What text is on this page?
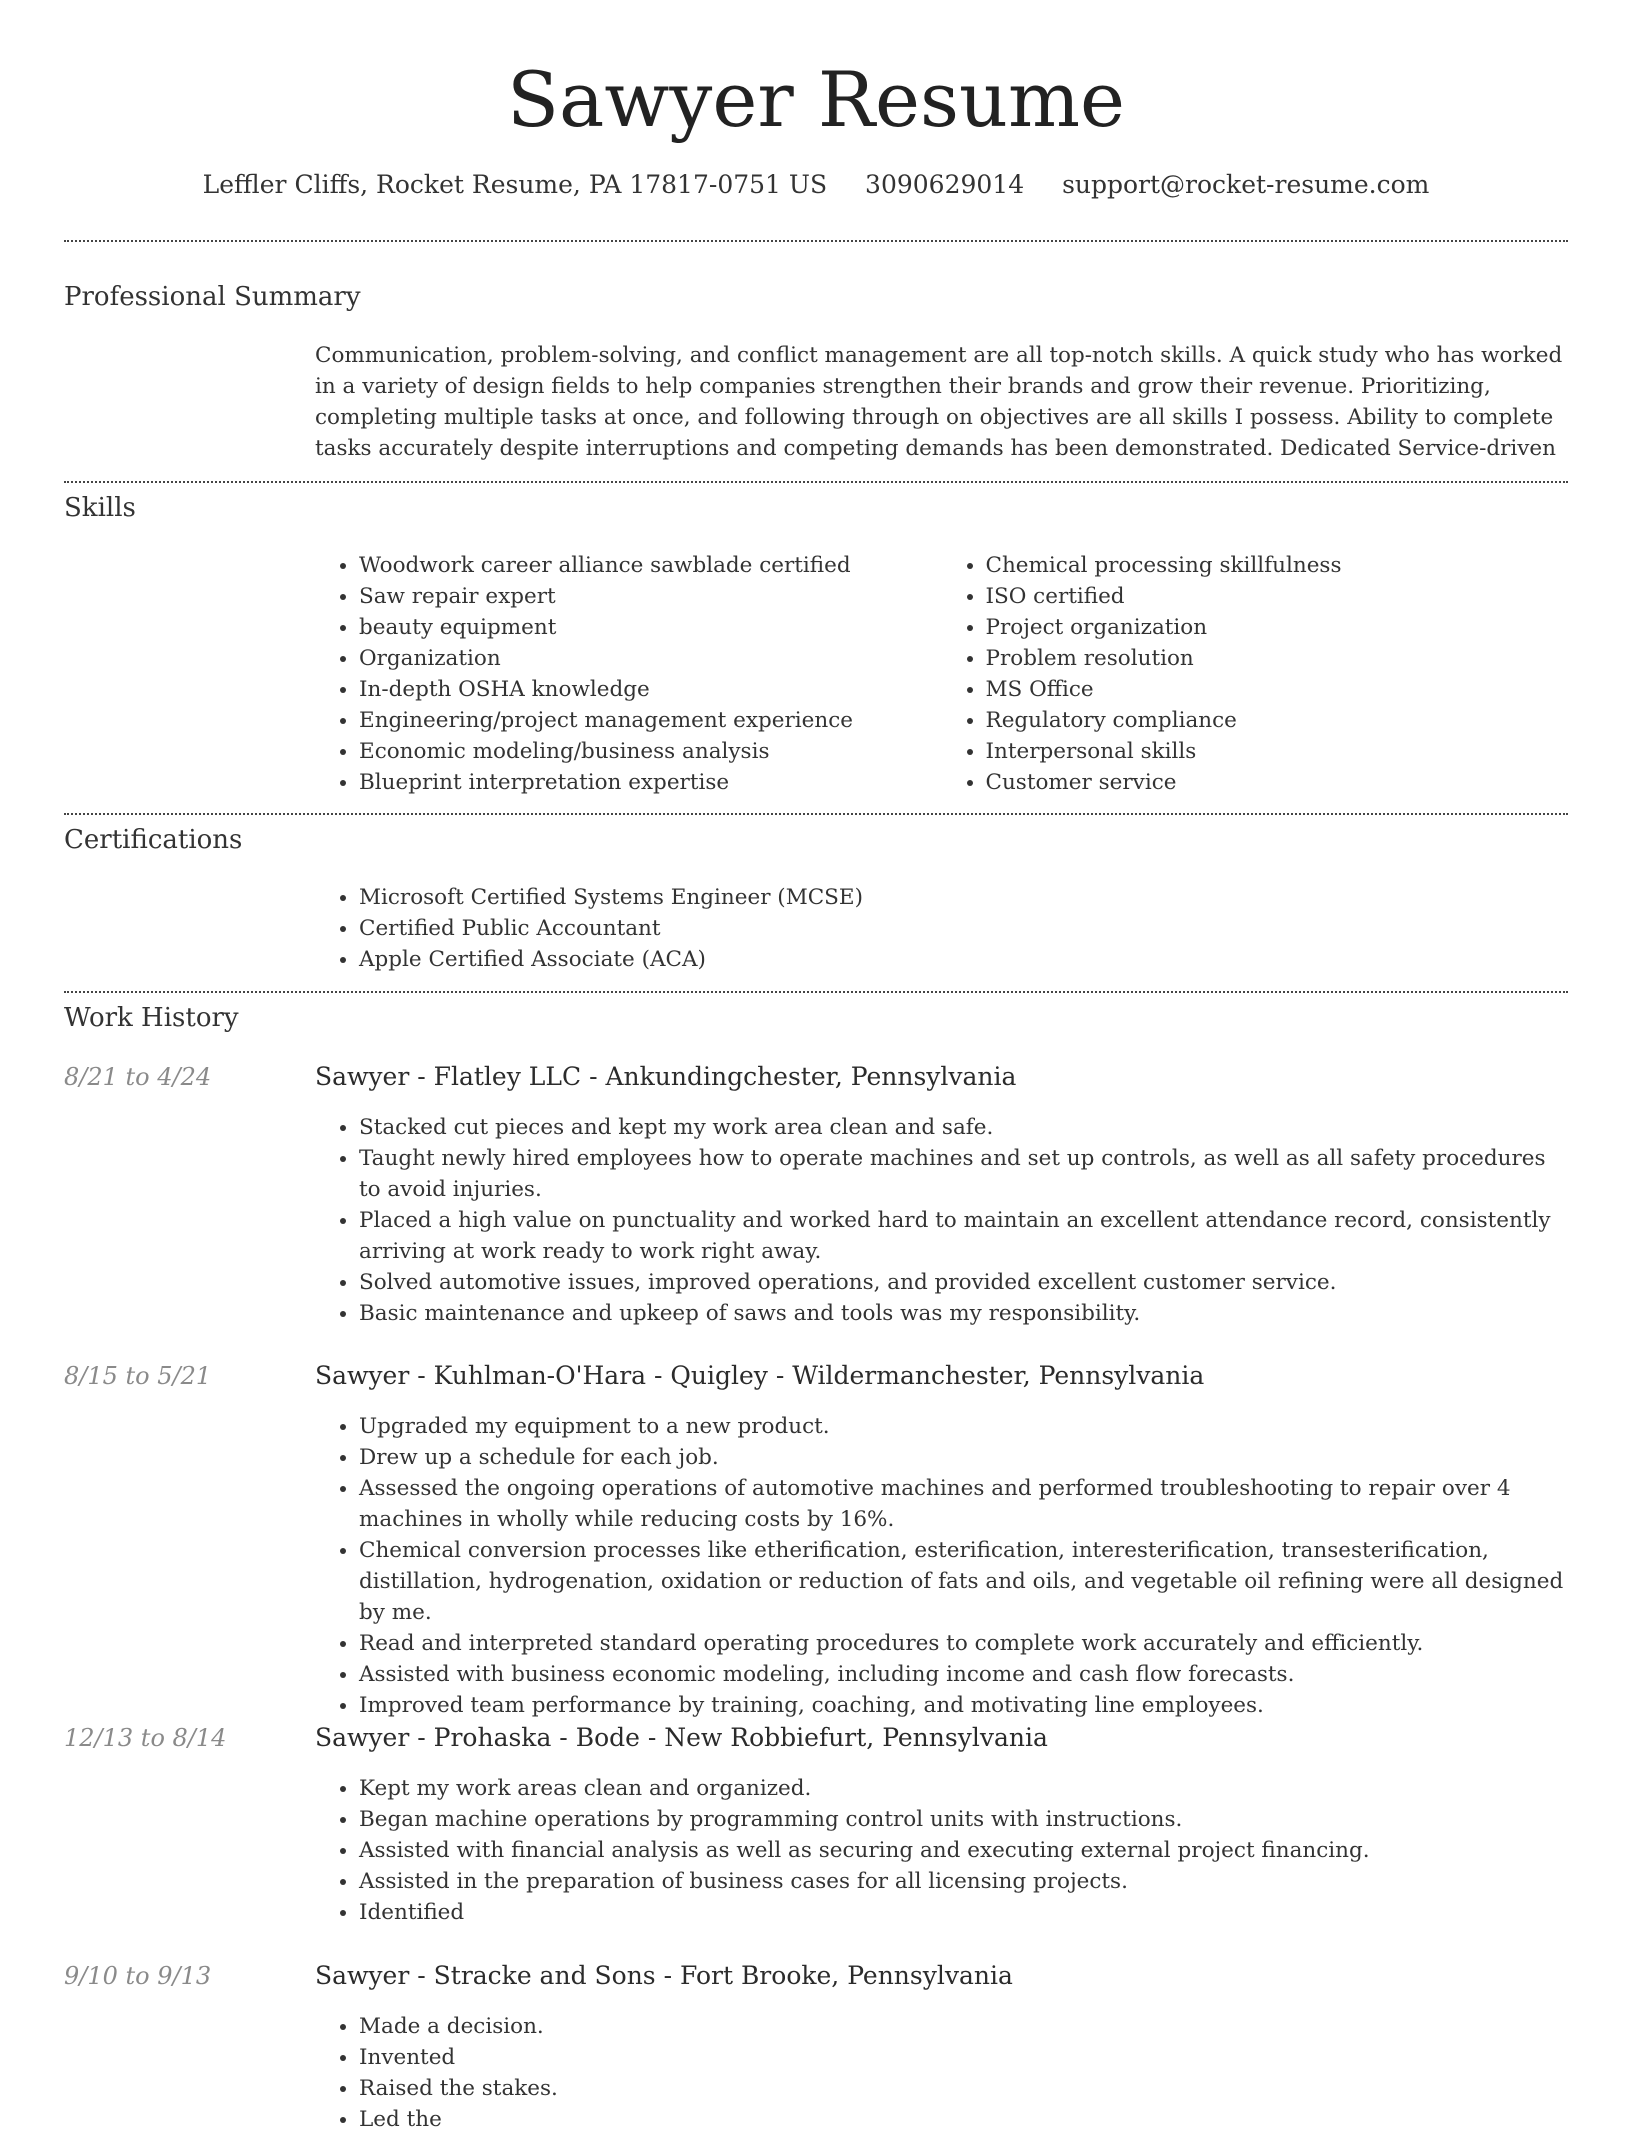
Sawyer Resume
Leffler Cliffs, Rocket Resume, PA 17817-0751 US 3090629014 support@rocket-resume.com
Professional Summary

Communication, problem-solving, and conflict management are all top-notch skills. A quick study who has worked in a variety of design fields to help companies strengthen their brands and grow their revenue. Prioritizing, completing multiple tasks at once, and following through on objectives are all skills I possess. Ability to complete tasks accurately despite interruptions and competing demands has been demonstrated. Dedicated Service-driven

Skills
• Woodwork career alliance sawblade certified
• Saw repair expert
• beauty equipment
• Organization
• In-depth OSHA knowledge
• Engineering/project management experience
• Economic modeling/business analysis
• Blueprint interpretation expertise
• Chemical processing skillfulness
• ISO certified
• Project organization
• Problem resolution
• MS Office
• Regulatory compliance
• Interpersonal skills
• Customer service
Certifications
• Microsoft Certified Systems Engineer (MCSE)
• Certified Public Accountant
• Apple Certified Associate (ACA)
Work History
8/21 to 4/24	Sawyer - Flatley LLC - Ankundingchester, Pennsylvania
• Stacked cut pieces and kept my work area clean and safe.
• Taught newly hired employees how to operate machines and set up controls, as well as all safety procedures to avoid injuries.
• Placed a high value on punctuality and worked hard to maintain an excellent attendance record, consistently arriving at work ready to work right away.
• Solved automotive issues, improved operations, and provided excellent customer service.
• Basic maintenance and upkeep of saws and tools was my responsibility.
8/15 to 5/21	Sawyer - Kuhlman-O'Hara - Quigley - Wildermanchester, Pennsylvania
• Upgraded my equipment to a new product.
• Drew up a schedule for each job.
• Assessed the ongoing operations of automotive machines and performed troubleshooting to repair over 4 machines in wholly while reducing costs by 16%.
• Chemical conversion processes like etherification, esterification, interesterification, transesterification, distillation, hydrogenation, oxidation or reduction of fats and oils, and vegetable oil refining were all designed by me.
• Read and interpreted standard operating procedures to complete work accurately and efficiently.
• Assisted with business economic modeling, including income and cash flow forecasts.
• Improved team performance by training, coaching, and motivating line employees.
12/13 to 8/14	Sawyer - Prohaska - Bode - New Robbiefurt, Pennsylvania
• Kept my work areas clean and organized.
• Began machine operations by programming control units with instructions.
• Assisted with financial analysis as well as securing and executing external project financing.
• Assisted in the preparation of business cases for all licensing projects.
• Identified
9/10 to 9/13	Sawyer - Stracke and Sons - Fort Brooke, Pennsylvania
• Made a decision.
• Invented
• Raised the stakes.
• Led the
